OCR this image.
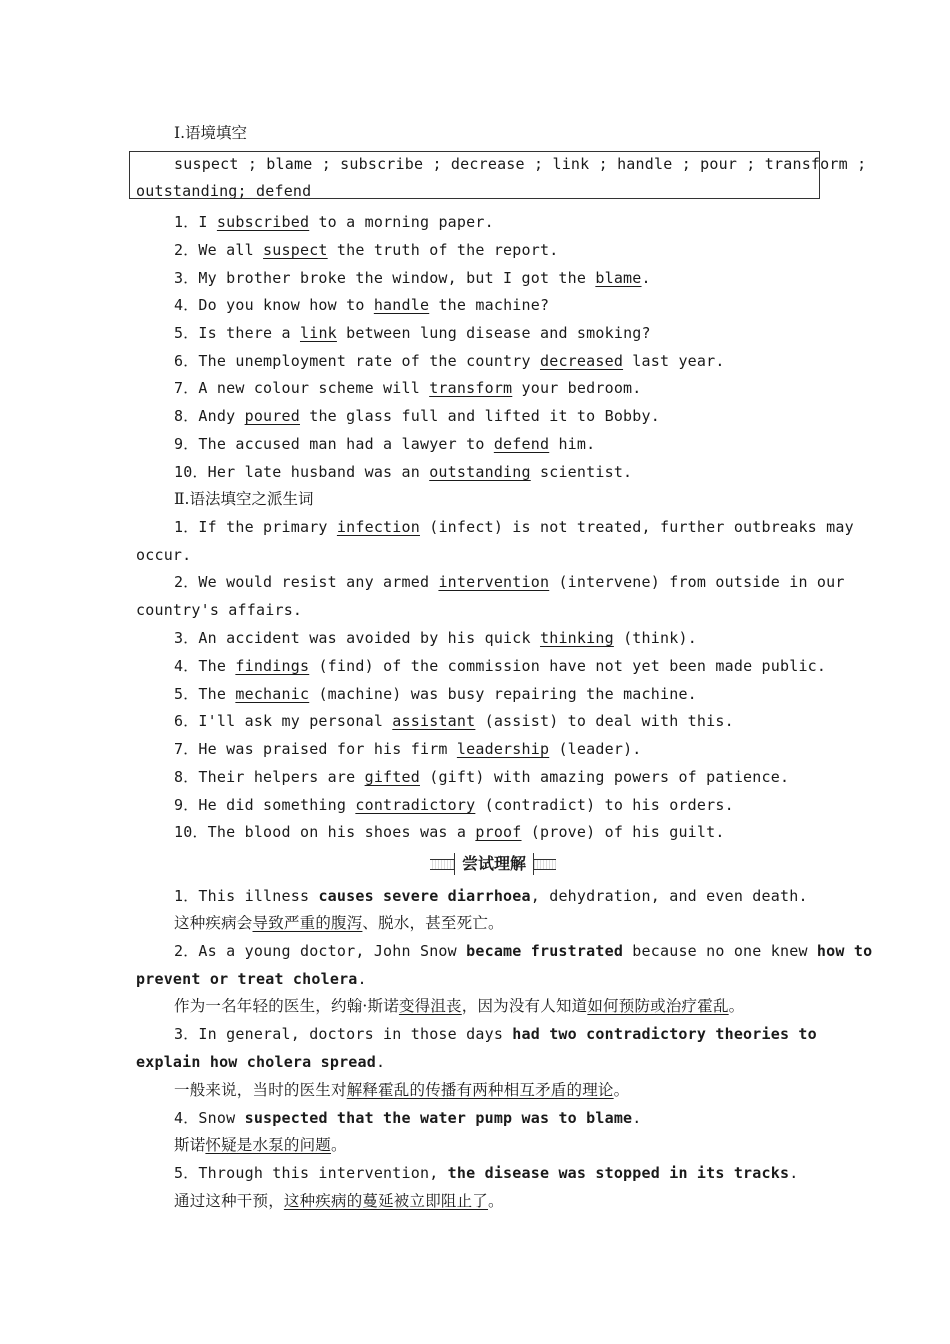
Ⅰ.语境填空
suspect ; blame ; subscribe ; decrease ; link ; handle ; pour ; transform ;
outstanding; defend
1．I subscribed to a morning paper.
2．We all suspect the truth of the report.
3．My brother broke the window, but I got the blame.
4．Do you know how to handle the machine?
5．Is there a link between lung disease and smoking?
6．The unemployment rate of the country decreased last year.
7．A new colour scheme will transform your bedroom.
8．Andy poured the glass full and lifted it to Bobby.
9．The accused man had a lawyer to defend him.
10．Her late husband was an outstanding scientist.
Ⅱ.语法填空之派生词
1．If the primary infection (infect) is not treated, further outbreaks may
occur.
2．We would resist any armed intervention (intervene) from outside in our
country's affairs.
3．An accident was avoided by his quick thinking (think).
4．The findings (find) of the commission have not yet been made public.
5．The mechanic (machine) was busy repairing the machine.
6．I'll ask my personal assistant (assist) to deal with this.
7．He was praised for his firm leadership (leader).
8．Their helpers are gifted (gift) with amazing powers of patience.
9．He did something contradictory (contradict) to his orders.
10．The blood on his shoes was a proof (prove) of his guilt.
尝试理解
1．This illness causes severe diarrhoea, dehydration, and even death.
这种疾病会导致严重的腹泻、脱水，甚至死亡。
2．As a young doctor, John Snow became frustrated because no one knew how to
prevent or treat cholera.
作为一名年轻的医生，约翰·斯诺变得沮丧，因为没有人知道如何预防或治疗霍乱。
3．In general, doctors in those days had two contradictory theories to
explain how cholera spread.
一般来说，当时的医生对解释霍乱的传播有两种相互矛盾的理论。
4．Snow suspected that the water pump was to blame.
斯诺怀疑是水泵的问题。
5．Through this intervention, the disease was stopped in its tracks.
通过这种干预，这种疾病的蔓延被立即阻止了。
